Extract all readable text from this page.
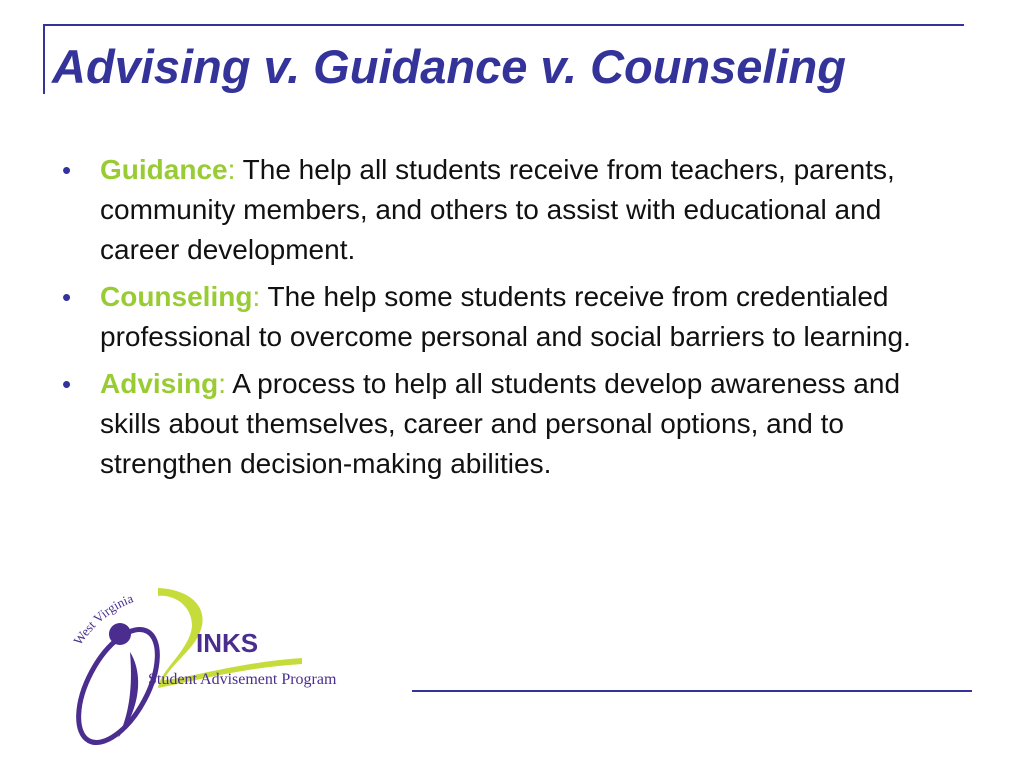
Advising v. Guidance v. Counseling
• Guidance: The help all students receive from teachers, parents, community members, and others to assist with educational and career development.
• Counseling: The help some students receive from credentialed professional to overcome personal and social barriers to learning.
• Advising: A process to help all students develop awareness and skills about themselves, career and personal options, and to strengthen decision-making abilities.
West Virginia
INKS
Student Advisement Program
